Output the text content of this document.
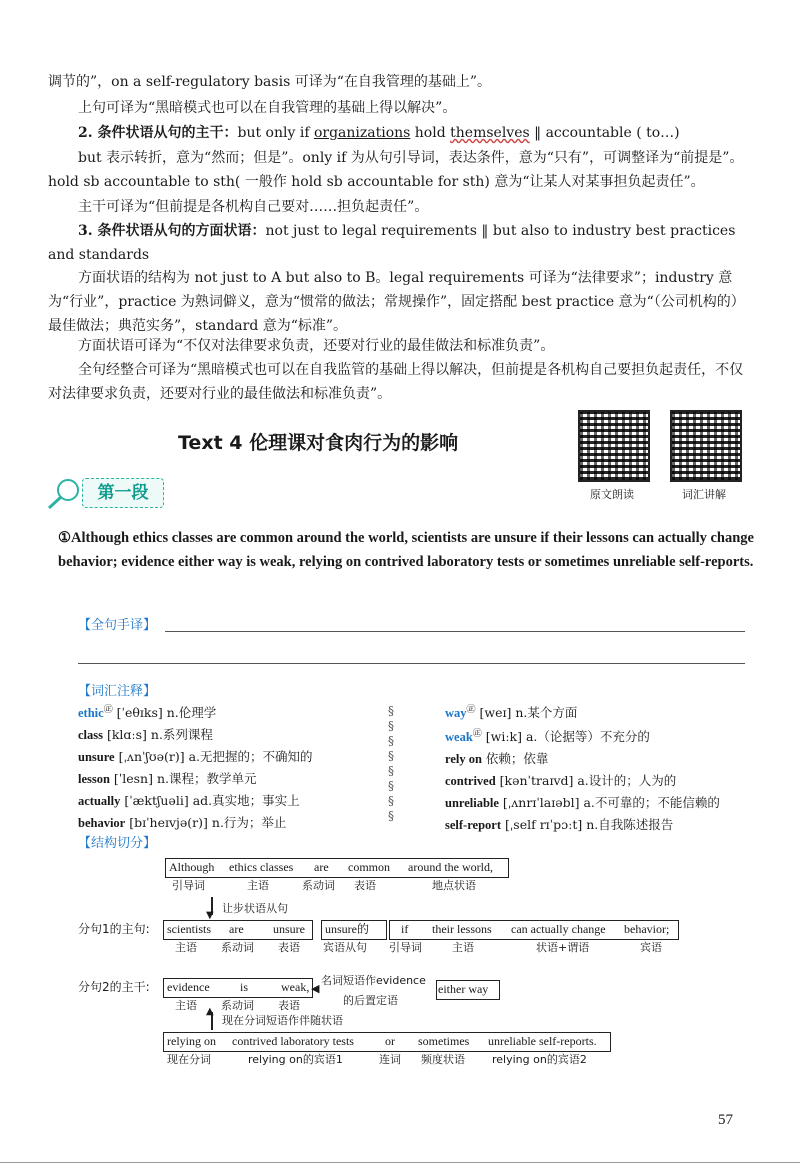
调节的”，on a self-regulatory basis 可译为“在自我管理的基础上”。
上句可译为“黑暗模式也可以在自我管理的基础上得以解决”。
2. 条件状语从句的主干：but only if organizations hold themselves ‖ accountable ( to…)
but 表示转折，意为“然而；但是”。only if 为从句引导词，表达条件，意为“只有”，可调整译为“前提是”。hold sb accountable to sth( 一般作 hold sb accountable for sth) 意为“让某人对某事担负起责任”。
主干可译为“但前提是各机构自己要对……担负起责任”。
3. 条件状语从句的方面状语：not just to legal requirements ‖ but also to industry best practices and standards
方面状语的结构为 not just to A but also to B。legal requirements 可译为“法律要求”；industry 意为“行业”，practice 为熟词僻义，意为“惯常的做法；常规操作”，固定搭配 best practice 意为“（公司机构的）最佳做法；典范实务”，standard 意为“标准”。
方面状语可译为“不仅对法律要求负责，还要对行业的最佳做法和标准负责”。
全句经整合可译为“黑暗模式也可以在自我监管的基础上得以解决，但前提是各机构自己要担负起责任，不仅对法律要求负责，还要对行业的最佳做法和标准负责”。
Text 4 伦理课对食肉行为的影响
原文朗读	词汇讲解
第一段
①Although ethics classes are common around the world, scientists are unsure if their lessons can actually change behavior; evidence either way is weak, relying on contrived laboratory tests or sometimes unreliable self-reports.
【全句手译】
【词汇注释】
ethic㊣ [ˈeθɪks] n.伦理学
class [klɑːs] n.系列课程
unsure [ˌʌnˈʃʊə(r)] a.无把握的；不确知的
lesson [ˈlesn] n.课程；教学单元
actually [ˈæktʃuəli] ad.真实地；事实上
behavior [bɪˈheɪvjə(r)] n.行为；举止
§
§
§
§
§
§
§
§
way㊣ [weɪ] n.某个方面
weak㊣ [wiːk] a.（论据等）不充分的
rely on 依赖；依靠
contrived [kənˈtraɪvd] a.设计的；人为的
unreliable [ˌʌnrɪˈlaɪəbl] a.不可靠的；不能信赖的
self-report [ˌself rɪˈpɔːt] n.自我陈述报告
【结构切分】
Although ethics classes are common around the world,
引导词	主语	系动词 表语	地点状语
▼
让步状语从句
分句1的主句: scientists are unsure
主语 系动词 表语
unsure的
宾语从句
if their lessons can actually change behavior;
引导词	主语	状语+谓语	宾语
分句2的主干: evidence	is	weak,
主语 系动词 表语
◀
名词短语作evidence
的后置定语
either way
▲
现在分词短语作伴随状语
relying on contrived laboratory tests	or sometimes unreliable self-reports.
现在分词	relying on的宾语1	连词 频度状语 relying on的宾语2
57
